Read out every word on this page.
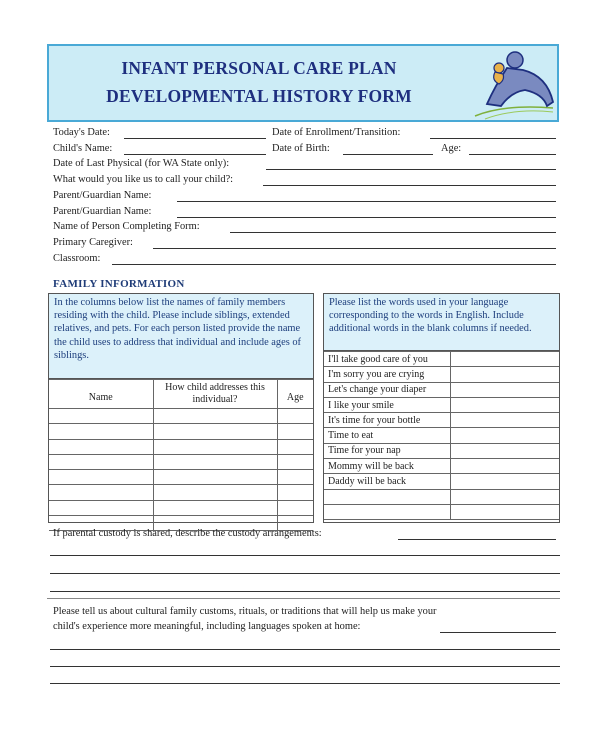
INFANT PERSONAL CARE PLAN
DEVELOPMENTAL HISTORY FORM
Today's Date:	Date of Enrollment/Transition:
Child's Name:	Date of Birth:	Age:
Date of Last Physical (for WA State only):
What would you like us to call your child?:
Parent/Guardian Name:
Parent/Guardian Name:
Name of Person Completing Form:
Primary Caregiver:
Classroom:
FAMILY INFORMATION
In the columns below list the names of family members residing with the child. Please include siblings, extended relatives, and pets. For each person listed provide the name the child uses to address that individual and include ages of siblings.
Name	How child addresses this individual?	Age

Please list the words used in your language corresponding to the words in English. Include additional words in the blank columns if needed.
I'll take good care of you	
I'm sorry you are crying	
Let's change your diaper	
I like your smile	
It's time for your bottle	
Time to eat	
Time for your nap	
Mommy will be back	
Daddy will be back	

If parental custody is shared, describe the custody arrangements:
Please tell us about cultural family customs, rituals, or traditions that will help us make your
child's experience more meaningful, including languages spoken at home:
